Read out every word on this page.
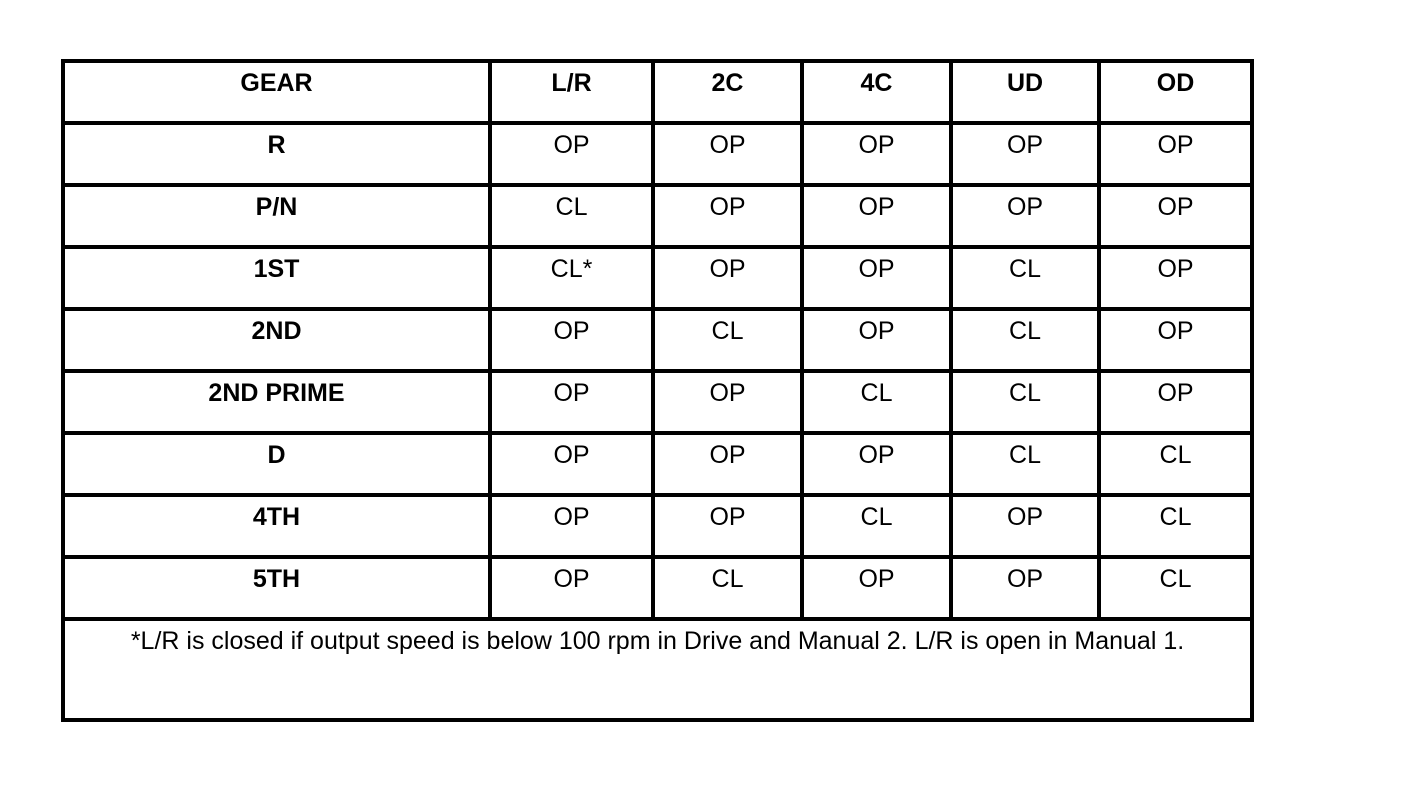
GEAR	L/R	2C	4C	UD	OD
R	OP	OP	OP	OP	OP
P/N	CL	OP	OP	OP	OP
1ST	CL*	OP	OP	CL	OP
2ND	OP	CL	OP	CL	OP
2ND PRIME	OP	OP	CL	CL	OP
D	OP	OP	OP	CL	CL
4TH	OP	OP	CL	OP	CL
5TH	OP	CL	OP	OP	CL
*L/R is closed if output speed is below 100 rpm in Drive and Manual 2. L/R is open in Manual 1.					
